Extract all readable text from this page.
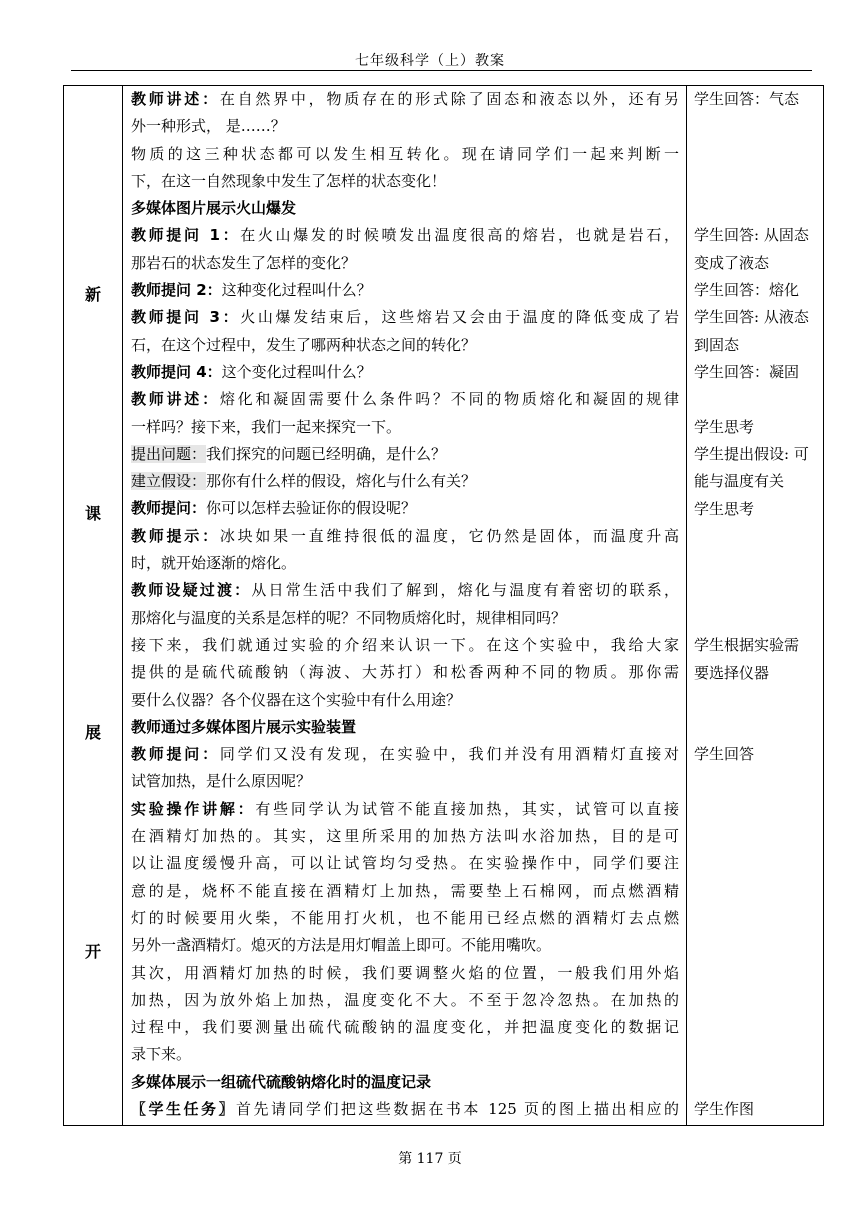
七年级科学（上）教案
新
课
展
开
教师讲述：在自然界中，物质存在的形式除了固态和液态以外，还有另
外一种形式， 是……？
物质的这三种状态都可以发生相互转化。现在请同学们一起来判断一
下，在这一自然现象中发生了怎样的状态变化！
多媒体图片展示火山爆发
教师提问 1：在火山爆发的时候喷发出温度很高的熔岩，也就是岩石，
那岩石的状态发生了怎样的变化？
教师提问 2：这种变化过程叫什么？
教师提问 3：火山爆发结束后，这些熔岩又会由于温度的降低变成了岩
石，在这个过程中，发生了哪两种状态之间的转化？
教师提问 4：这个变化过程叫什么？
教师讲述：熔化和凝固需要什么条件吗？不同的物质熔化和凝固的规律
一样吗？接下来，我们一起来探究一下。
提出问题：我们探究的问题已经明确，是什么？
建立假设：那你有什么样的假设，熔化与什么有关？
教师提问：你可以怎样去验证你的假设呢？
教师提示：冰块如果一直维持很低的温度，它仍然是固体，而温度升高
时，就开始逐渐的熔化。
教师设疑过渡：从日常生活中我们了解到，熔化与温度有着密切的联系，
那熔化与温度的关系是怎样的呢？不同物质熔化时，规律相同吗？
接下来，我们就通过实验的介绍来认识一下。在这个实验中，我给大家
提供的是硫代硫酸钠（海波、大苏打）和松香两种不同的物质。那你需
要什么仪器？各个仪器在这个实验中有什么用途？
教师通过多媒体图片展示实验装置
教师提问：同学们又没有发现，在实验中，我们并没有用酒精灯直接对
试管加热，是什么原因呢？
实验操作讲解：有些同学认为试管不能直接加热，其实，试管可以直接
在酒精灯加热的。其实，这里所采用的加热方法叫水浴加热，目的是可
以让温度缓慢升高，可以让试管均匀受热。在实验操作中，同学们要注
意的是，烧杯不能直接在酒精灯上加热，需要垫上石棉网，而点燃酒精
灯的时候要用火柴，不能用打火机，也不能用已经点燃的酒精灯去点燃
另外一盏酒精灯。熄灭的方法是用灯帽盖上即可。不能用嘴吹。
其次，用酒精灯加热的时候，我们要调整火焰的位置，一般我们用外焰
加热，因为放外焰上加热，温度变化不大。不至于忽冷忽热。在加热的
过程中，我们要测量出硫代硫酸钠的温度变化，并把温度变化的数据记
录下来。
多媒体展示一组硫代硫酸钠熔化时的温度记录
〖学生任务〗首先请同学们把这些数据在书本 125 页的图上描出相应的
学生回答：气态
学生回答: 从固态
变成了液态
学生回答：熔化
学生回答: 从液态
到固态
学生回答：凝固
学生思考
学生提出假设: 可
能与温度有关
学生思考
学生根据实验需
要选择仪器
学生回答
学生作图
第 117 页
